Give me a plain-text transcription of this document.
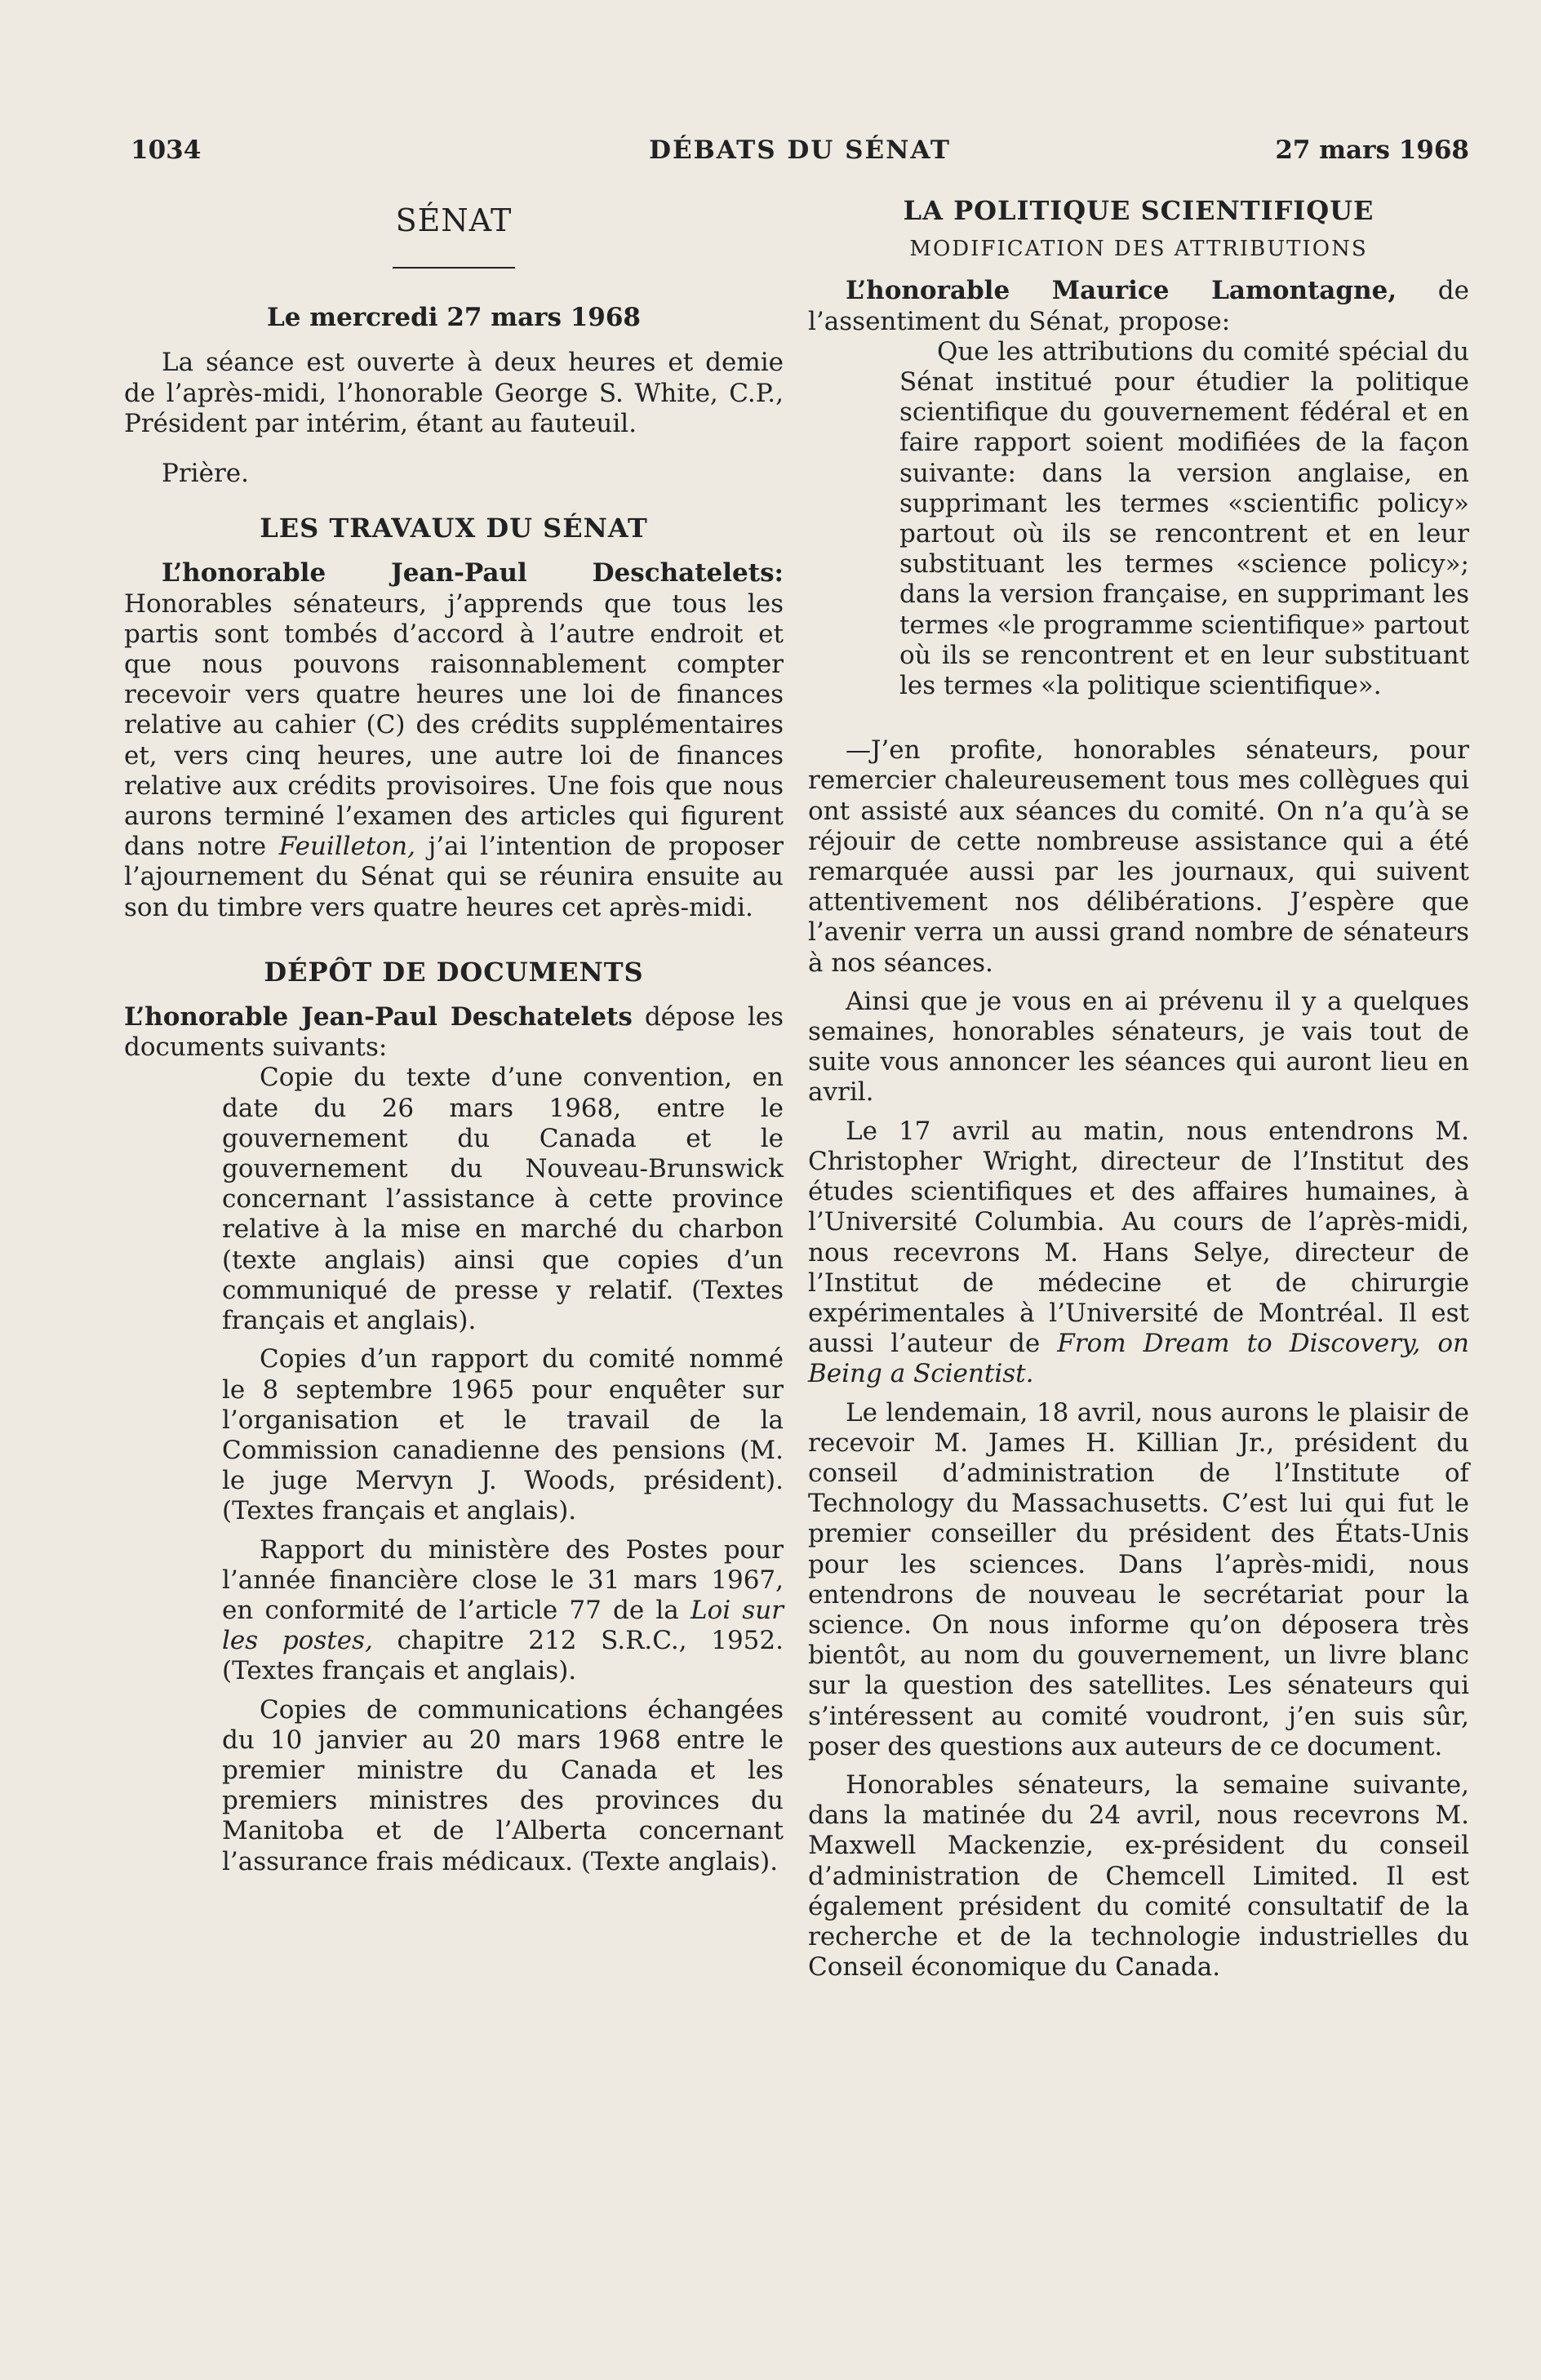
1034	DÉBATS DU SÉNAT	27 mars 1968
SÉNAT
Le mercredi 27 mars 1968

La séance est ouverte à deux heures et demie de l’après-midi, l’honorable George S. White, C.P., Président par intérim, étant au fauteuil.

Prière.

LES TRAVAUX DU SÉNAT

L’honorable Jean-Paul Deschatelets: Honorables sénateurs, j’apprends que tous les partis sont tombés d’accord à l’autre endroit et que nous pouvons raisonnablement compter recevoir vers quatre heures une loi de finances relative au cahier (C) des crédits supplémentaires et, vers cinq heures, une autre loi de finances relative aux crédits provisoires. Une fois que nous aurons terminé l’examen des articles qui figurent dans notre Feuilleton, j’ai l’intention de proposer l’ajournement du Sénat qui se réunira ensuite au son du timbre vers quatre heures cet après-midi.

DÉPÔT DE DOCUMENTS

L’honorable Jean-Paul Deschatelets dépose les documents suivants:

Copie du texte d’une convention, en date du 26 mars 1968, entre le gouvernement du Canada et le gouvernement du Nouveau-Brunswick concernant l’assistance à cette province relative à la mise en marché du charbon (texte anglais) ainsi que copies d’un communiqué de presse y relatif. (Textes français et anglais).

Copies d’un rapport du comité nommé le 8 septembre 1965 pour enquêter sur l’organisation et le travail de la Commission canadienne des pensions (M. le juge Mervyn J. Woods, président). (Textes français et anglais).

Rapport du ministère des Postes pour l’année financière close le 31 mars 1967, en conformité de l’article 77 de la Loi sur les postes, chapitre 212 S.R.C., 1952. (Textes français et anglais).

Copies de communications échangées du 10 janvier au 20 mars 1968 entre le premier ministre du Canada et les premiers ministres des provinces du Manitoba et de l’Alberta concernant l’assurance frais médicaux. (Texte anglais).

LA POLITIQUE SCIENTIFIQUE
MODIFICATION DES ATTRIBUTIONS

L’honorable Maurice Lamontagne, de l’assentiment du Sénat, propose:

Que les attributions du comité spécial du Sénat institué pour étudier la politique scientifique du gouvernement fédéral et en faire rapport soient modifiées de la façon suivante: dans la version anglaise, en supprimant les termes «scientific policy» partout où ils se rencontrent et en leur substituant les termes «science policy»; dans la version française, en supprimant les termes «le programme scientifique» partout où ils se rencontrent et en leur substituant les termes «la politique scientifique».

—J’en profite, honorables sénateurs, pour remercier chaleureusement tous mes collègues qui ont assisté aux séances du comité. On n’a qu’à se réjouir de cette nombreuse assistance qui a été remarquée aussi par les journaux, qui suivent attentivement nos délibérations. J’espère que l’avenir verra un aussi grand nombre de sénateurs à nos séances.

Ainsi que je vous en ai prévenu il y a quelques semaines, honorables sénateurs, je vais tout de suite vous annoncer les séances qui auront lieu en avril.

Le 17 avril au matin, nous entendrons M. Christopher Wright, directeur de l’Institut des études scientifiques et des affaires humaines, à l’Université Columbia. Au cours de l’après-midi, nous recevrons M. Hans Selye, directeur de l’Institut de médecine et de chirurgie expérimentales à l’Université de Montréal. Il est aussi l’auteur de From Dream to Discovery, on Being a Scientist.

Le lendemain, 18 avril, nous aurons le plaisir de recevoir M. James H. Killian Jr., président du conseil d’administration de l’Institute of Technology du Massachusetts. C’est lui qui fut le premier conseiller du président des États-Unis pour les sciences. Dans l’après-midi, nous entendrons de nouveau le secrétariat pour la science. On nous informe qu’on déposera très bientôt, au nom du gouvernement, un livre blanc sur la question des satellites. Les sénateurs qui s’intéressent au comité voudront, j’en suis sûr, poser des questions aux auteurs de ce document.

Honorables sénateurs, la semaine suivante, dans la matinée du 24 avril, nous recevrons M. Maxwell Mackenzie, ex-président du conseil d’administration de Chemcell Limited. Il est également président du comité consultatif de la recherche et de la technologie industrielles du Conseil économique du Canada.
